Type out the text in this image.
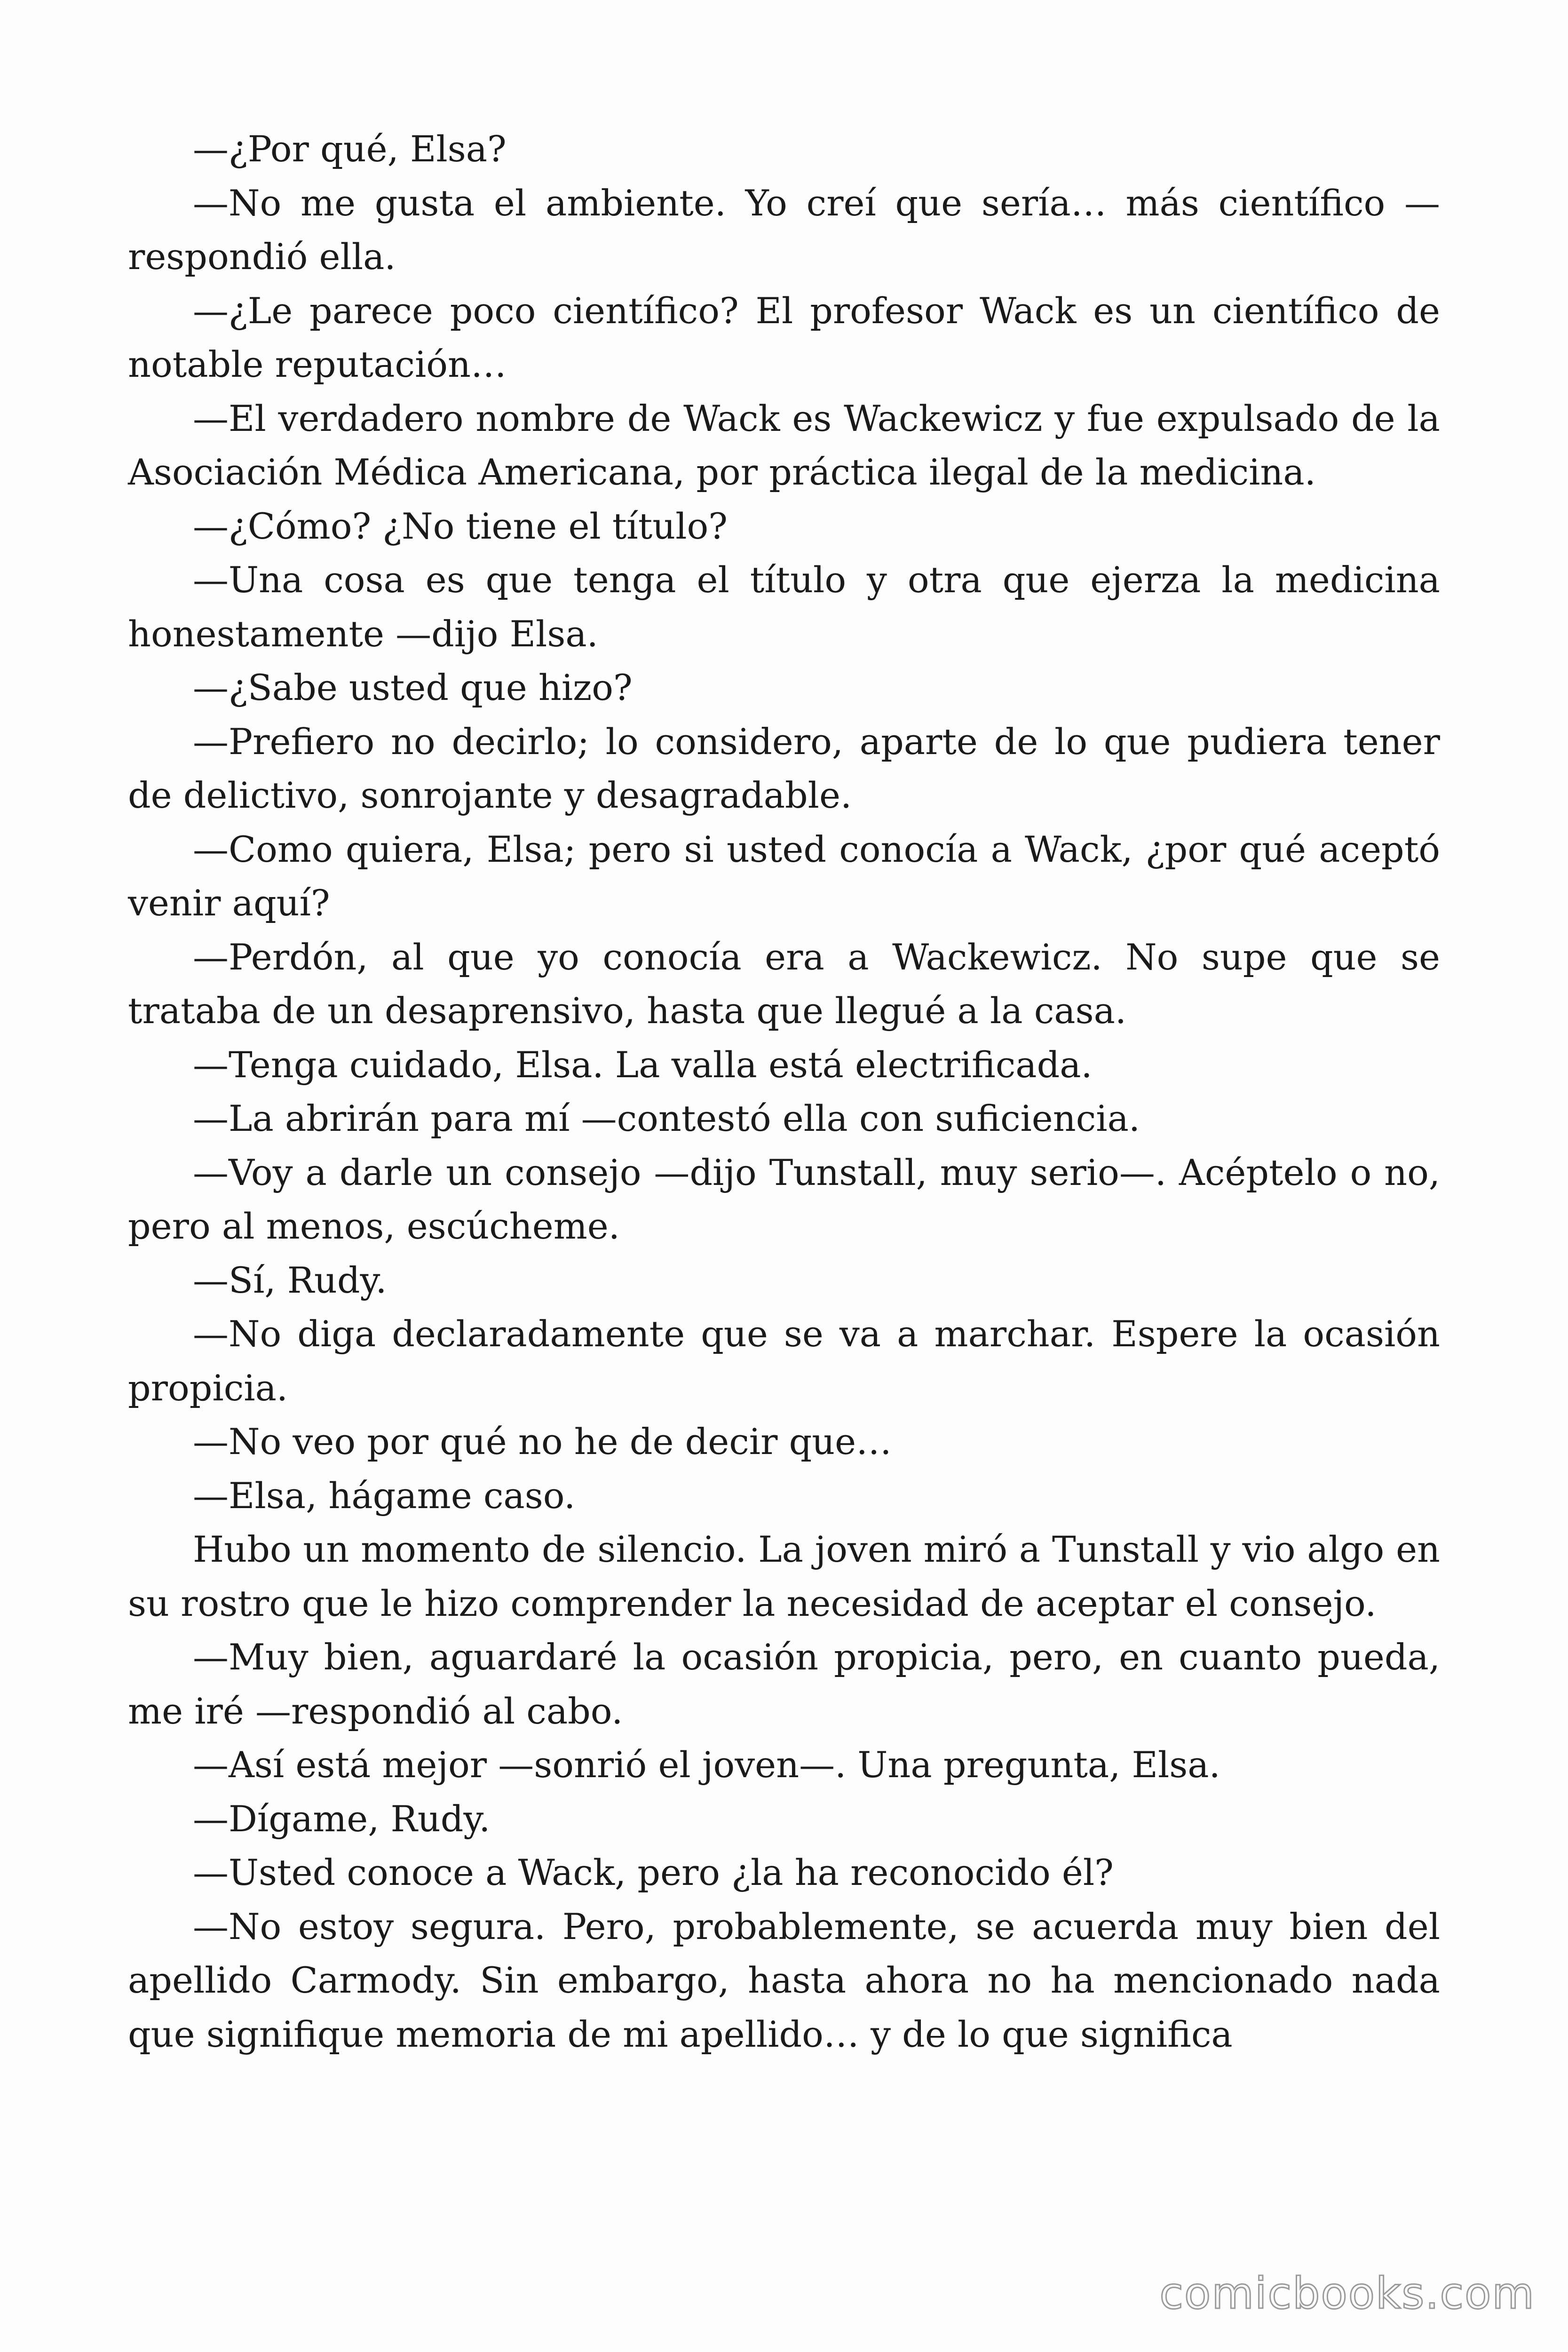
—¿Por qué, Elsa?

—No me gusta el ambiente. Yo creí que sería… más científico —respondió ella.

—¿Le parece poco científico? El profesor Wack es un científico de notable reputación…

—El verdadero nombre de Wack es Wackewicz y fue expulsado de la Asociación Médica Americana, por práctica ilegal de la medicina.

—¿Cómo? ¿No tiene el título?

—Una cosa es que tenga el título y otra que ejerza la medicina honestamente —dijo Elsa.

—¿Sabe usted que hizo?

—Prefiero no decirlo; lo considero, aparte de lo que pudiera tener de delictivo, sonrojante y desagradable.

—Como quiera, Elsa; pero si usted conocía a Wack, ¿por qué aceptó venir aquí?

—Perdón, al que yo conocía era a Wackewicz. No supe que se trataba de un desaprensivo, hasta que llegué a la casa.

—Tenga cuidado, Elsa. La valla está electrificada.

—La abrirán para mí —contestó ella con suficiencia.

—Voy a darle un consejo —dijo Tunstall, muy serio—. Acéptelo o no, pero al menos, escúcheme.

—Sí, Rudy.

—No diga declaradamente que se va a marchar. Espere la ocasión propicia.

—No veo por qué no he de decir que…

—Elsa, hágame caso.

Hubo un momento de silencio. La joven miró a Tunstall y vio algo en su rostro que le hizo comprender la necesidad de aceptar el consejo.

—Muy bien, aguardaré la ocasión propicia, pero, en cuanto pueda, me iré —respondió al cabo.

—Así está mejor —sonrió el joven—. Una pregunta, Elsa.

—Dígame, Rudy.

—Usted conoce a Wack, pero ¿la ha reconocido él?

—No estoy segura. Pero, probablemente, se acuerda muy bien del apellido Carmody. Sin embargo, hasta ahora no ha mencionado nada que signifique memoria de mi apellido… y de lo que significa

comicbooks.com
